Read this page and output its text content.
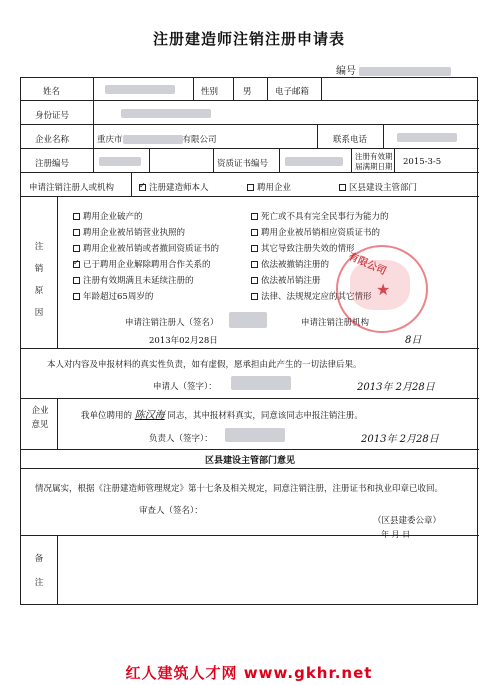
注册建造师注销注册申请表
编号
姓名	性别	男	电子邮箱
身份证号
企业名称	重庆市	有限公司	联系电话
注册编号	资质证书编号
注册有效期
届满期日期 2015-3-5
申请注销注册人或机构
✓	注册建造师本人	聘用企业	区县建设主管部门
注
销
原
因
聘用企业破产的
聘用企业被吊销营业执照的
聘用企业被吊销或者撤回资质证书的
✓已于聘用企业解除聘用合作关系的
注册有效期满且未延续注册的
年龄超过65周岁的
死亡或不具有完全民事行为能力的
聘用企业被吊销相应资质证书的
其它导致注册失效的情形
依法被撤销注册的
依法被吊销注册
法律、法规规定应的其它情形
申请注销注册人（签名）	申请注销注册机构
2013年02月28日	8日
本人对内容及申报材料的真实性负责，如有虚假，愿承担由此产生的一切法律后果。
申请人（签字）：	2013年 2月28日
企业
意见
我单位聘用的 陈汉海 同志，其申报材料真实，同意该同志申报注销注册。
负责人（签字）：	2013年 2月28日
区县建设主管部门意见
情况属实，根据《注册建造师管理规定》第十七条及相关规定，同意注销注册，注册证书和执业印章已收回。
审查人（签名）：
（区县建委公章）
年 月 日
备
注
有限公司
★
红人建筑人才网 www.gkhr.net
